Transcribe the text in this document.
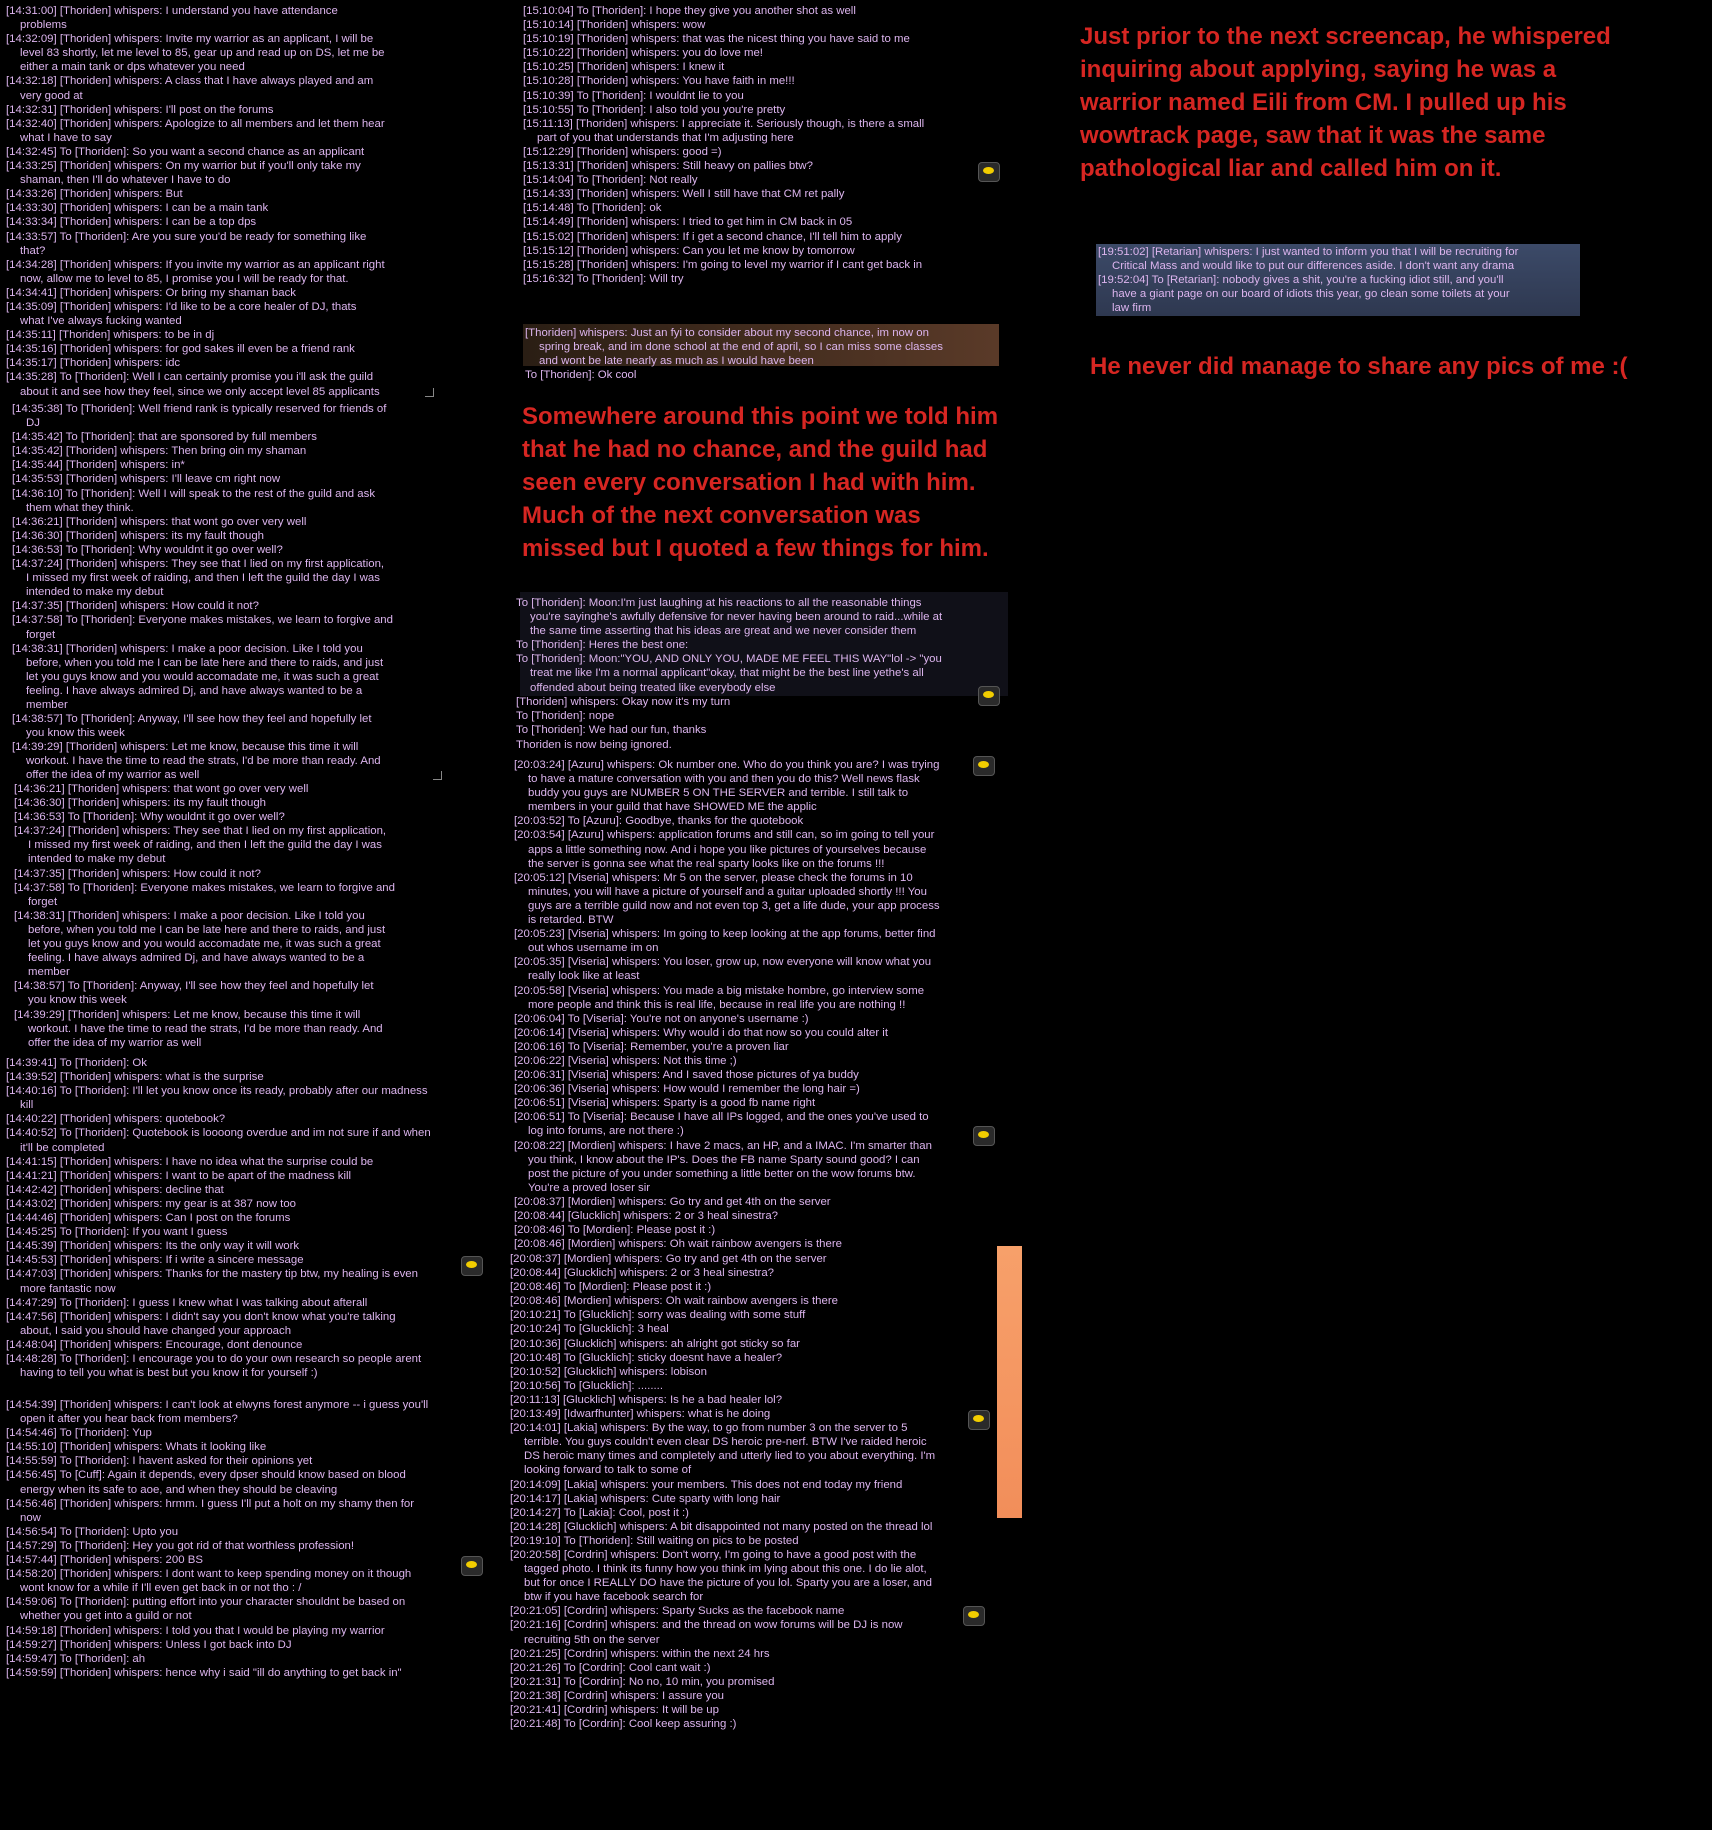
[14:31:00] [Thoriden] whispers: I understand you have attendance
problems
[14:32:09] [Thoriden] whispers: Invite my warrior as an applicant, I will be
level 83 shortly, let me level to 85, gear up and read up on DS, let me be
either a main tank or dps whatever you need
[14:32:18] [Thoriden] whispers: A class that I have always played and am
very good at
[14:32:31] [Thoriden] whispers: I'll post on the forums
[14:32:40] [Thoriden] whispers: Apologize to all members and let them hear
what I have to say
[14:32:45] To [Thoriden]: So you want a second chance as an applicant
[14:33:25] [Thoriden] whispers: On my warrior but if you'll only take my
shaman, then I'll do whatever I have to do
[14:33:26] [Thoriden] whispers: But
[14:33:30] [Thoriden] whispers: I can be a main tank
[14:33:34] [Thoriden] whispers: I can be a top dps
[14:33:57] To [Thoriden]: Are you sure you'd be ready for something like
that?
[14:34:28] [Thoriden] whispers: If you invite my warrior as an applicant right
now, allow me to level to 85, I promise you I will be ready for that.
[14:34:41] [Thoriden] whispers: Or bring my shaman back
[14:35:09] [Thoriden] whispers: I'd like to be a core healer of DJ, thats
what I've always fucking wanted
[14:35:11] [Thoriden] whispers: to be in dj
[14:35:16] [Thoriden] whispers: for god sakes ill even be a friend rank
[14:35:17] [Thoriden] whispers: idc
[14:35:28] To [Thoriden]: Well I can certainly promise you i'll ask the guild
about it and see how they feel, since we only accept level 85 applicants
[14:35:38] To [Thoriden]: Well friend rank is typically reserved for friends of
DJ
[14:35:42] To [Thoriden]: that are sponsored by full members
[14:35:42] [Thoriden] whispers: Then bring oin my shaman
[14:35:44] [Thoriden] whispers: in*
[14:35:53] [Thoriden] whispers: I'll leave cm right now
[14:36:10] To [Thoriden]: Well I will speak to the rest of the guild and ask
them what they think.
[14:36:21] [Thoriden] whispers: that wont go over very well
[14:36:30] [Thoriden] whispers: its my fault though
[14:36:53] To [Thoriden]: Why wouldnt it go over well?
[14:37:24] [Thoriden] whispers: They see that I lied on my first application,
I missed my first week of raiding, and then I left the guild the day I was
intended to make my debut
[14:37:35] [Thoriden] whispers: How could it not?
[14:37:58] To [Thoriden]: Everyone makes mistakes, we learn to forgive and
forget
[14:38:31] [Thoriden] whispers: I make a poor decision. Like I told you
before, when you told me I can be late here and there to raids, and just
let you guys know and you would accomadate me, it was such a great
feeling. I have always admired Dj, and have always wanted to be a
member
[14:38:57] To [Thoriden]: Anyway, I'll see how they feel and hopefully let
you know this week
[14:39:29] [Thoriden] whispers: Let me know, because this time it will
workout. I have the time to read the strats, I'd be more than ready. And
offer the idea of my warrior as well
[14:36:21] [Thoriden] whispers: that wont go over very well
[14:36:30] [Thoriden] whispers: its my fault though
[14:36:53] To [Thoriden]: Why wouldnt it go over well?
[14:37:24] [Thoriden] whispers: They see that I lied on my first application,
I missed my first week of raiding, and then I left the guild the day I was
intended to make my debut
[14:37:35] [Thoriden] whispers: How could it not?
[14:37:58] To [Thoriden]: Everyone makes mistakes, we learn to forgive and
forget
[14:38:31] [Thoriden] whispers: I make a poor decision. Like I told you
before, when you told me I can be late here and there to raids, and just
let you guys know and you would accomadate me, it was such a great
feeling. I have always admired Dj, and have always wanted to be a
member
[14:38:57] To [Thoriden]: Anyway, I'll see how they feel and hopefully let
you know this week
[14:39:29] [Thoriden] whispers: Let me know, because this time it will
workout. I have the time to read the strats, I'd be more than ready. And
offer the idea of my warrior as well
[14:39:41] To [Thoriden]: Ok
[14:39:52] [Thoriden] whispers: what is the surprise
[14:40:16] To [Thoriden]: I'll let you know once its ready, probably after our madness
kill
[14:40:22] [Thoriden] whispers: quotebook?
[14:40:52] To [Thoriden]: Quotebook is loooong overdue and im not sure if and when
it'll be completed
[14:41:15] [Thoriden] whispers: I have no idea what the surprise could be
[14:41:21] [Thoriden] whispers: I want to be apart of the madness kill
[14:42:42] [Thoriden] whispers: decline that
[14:43:02] [Thoriden] whispers: my gear is at 387 now too
[14:44:46] [Thoriden] whispers: Can I post on the forums
[14:45:25] To [Thoriden]: If you want I guess
[14:45:39] [Thoriden] whispers: Its the only way it will work
[14:45:53] [Thoriden] whispers: If i write a sincere message
[14:47:03] [Thoriden] whispers: Thanks for the mastery tip btw, my healing is even
more fantastic now
[14:47:29] To [Thoriden]: I guess I knew what I was talking about afterall
[14:47:56] [Thoriden] whispers: I didn't say you don't know what you're talking
about, I said you should have changed your approach
[14:48:04] [Thoriden] whispers: Encourage, dont denounce
[14:48:28] To [Thoriden]: I encourage you to do your own research so people arent
having to tell you what is best but you know it for yourself :)
[14:54:39] [Thoriden] whispers: I can't look at elwyns forest anymore -- i guess you'll
open it after you hear back from members?
[14:54:46] To [Thoriden]: Yup
[14:55:10] [Thoriden] whispers: Whats it looking like
[14:55:59] To [Thoriden]: I havent asked for their opinions yet
[14:56:45] To [Cuff]: Again it depends, every dpser should know based on blood
energy when its safe to aoe, and when they should be cleaving
[14:56:46] [Thoriden] whispers: hrmm. I guess I'll put a holt on my shamy then for
now
[14:56:54] To [Thoriden]: Upto you
[14:57:29] To [Thoriden]: Hey you got rid of that worthless profession!
[14:57:44] [Thoriden] whispers: 200 BS
[14:58:20] [Thoriden] whispers: I dont want to keep spending money on it though
wont know for a while if I'll even get back in or not tho : /
[14:59:06] To [Thoriden]: putting effort into your character shouldnt be based on
whether you get into a guild or not
[14:59:18] [Thoriden] whispers: I told you that I would be playing my warrior
[14:59:27] [Thoriden] whispers: Unless I got back into DJ
[14:59:47] To [Thoriden]: ah
[14:59:59] [Thoriden] whispers: hence why i said "ill do anything to get back in"
[15:10:04] To [Thoriden]: I hope they give you another shot as well
[15:10:14] [Thoriden] whispers: wow
[15:10:19] [Thoriden] whispers: that was the nicest thing you have said to me
[15:10:22] [Thoriden] whispers: you do love me!
[15:10:25] [Thoriden] whispers: I knew it
[15:10:28] [Thoriden] whispers: You have faith in me!!!
[15:10:39] To [Thoriden]: I wouldnt lie to you
[15:10:55] To [Thoriden]: I also told you you're pretty
[15:11:13] [Thoriden] whispers: I appreciate it. Seriously though, is there a small
part of you that understands that I'm adjusting here
[15:12:29] [Thoriden] whispers: good =)
[15:13:31] [Thoriden] whispers: Still heavy on pallies btw?
[15:14:04] To [Thoriden]: Not really
[15:14:33] [Thoriden] whispers: Well I still have that CM ret pally
[15:14:48] To [Thoriden]: ok
[15:14:49] [Thoriden] whispers: I tried to get him in CM back in 05
[15:15:02] [Thoriden] whispers: If i get a second chance, I'll tell him to apply
[15:15:12] [Thoriden] whispers: Can you let me know by tomorrow
[15:15:28] [Thoriden] whispers: I'm going to level my warrior if I cant get back in
[15:16:32] To [Thoriden]: Will try
[Thoriden] whispers: Just an fyi to consider about my second chance, im now on
spring break, and im done school at the end of april, so I can miss some classes
and wont be late nearly as much as I would have been
To [Thoriden]: Ok cool
Somewhere around this point we told him that he had no chance, and the guild had seen every conversation I had with him. Much of the next conversation was missed but I quoted a few things for him.
To [Thoriden]: Moon:I'm just laughing at his reactions to all the reasonable things
you're sayinghe's awfully defensive for never having been around to raid...while at
the same time asserting that his ideas are great and we never consider them
To [Thoriden]: Heres the best one:
To [Thoriden]: Moon:"YOU, AND ONLY YOU, MADE ME FEEL THIS WAY"lol -> "you
treat me like I'm a normal applicant"okay, that might be the best line yethe's all
offended about being treated like everybody else
[Thoriden] whispers: Okay now it's my turn
To [Thoriden]: nope
To [Thoriden]: We had our fun, thanks
Thoriden is now being ignored.
[20:03:24] [Azuru] whispers: Ok number one. Who do you think you are? I was trying
to have a mature conversation with you and then you do this? Well news flask
buddy you guys are NUMBER 5 ON THE SERVER and terrible. I still talk to
members in your guild that have SHOWED ME the applic
[20:03:52] To [Azuru]: Goodbye, thanks for the quotebook
[20:03:54] [Azuru] whispers: application forums and still can, so im going to tell your
apps a little something now. And i hope you like pictures of yourselves because
the server is gonna see what the real sparty looks like on the forums !!!
[20:05:12] [Viseria] whispers: Mr 5 on the server, please check the forums in 10
minutes, you will have a picture of yourself and a guitar uploaded shortly !!! You
guys are a terrible guild now and not even top 3, get a life dude, your app process
is retarded. BTW
[20:05:23] [Viseria] whispers: Im going to keep looking at the app forums, better find
out whos username im on
[20:05:35] [Viseria] whispers: You loser, grow up, now everyone will know what you
really look like at least
[20:05:58] [Viseria] whispers: You made a big mistake hombre, go interview some
more people and think this is real life, because in real life you are nothing !!
[20:06:04] To [Viseria]: You're not on anyone's username :)
[20:06:14] [Viseria] whispers: Why would i do that now so you could alter it
[20:06:16] To [Viseria]: Remember, you're a proven liar
[20:06:22] [Viseria] whispers: Not this time ;)
[20:06:31] [Viseria] whispers: And I saved those pictures of ya buddy
[20:06:36] [Viseria] whispers: How would I remember the long hair =)
[20:06:51] [Viseria] whispers: Sparty is a good fb name right
[20:06:51] To [Viseria]: Because I have all IPs logged, and the ones you've used to
log into forums, are not there :)
[20:08:22] [Mordien] whispers: I have 2 macs, an HP, and a IMAC. I'm smarter than
you think, I know about the IP's. Does the FB name Sparty sound good? I can
post the picture of you under something a little better on the wow forums btw.
You're a proved loser sir
[20:08:37] [Mordien] whispers: Go try and get 4th on the server
[20:08:44] [Glucklich] whispers: 2 or 3 heal sinestra?
[20:08:46] To [Mordien]: Please post it :)
[20:08:46] [Mordien] whispers: Oh wait rainbow avengers is there
[20:08:37] [Mordien] whispers: Go try and get 4th on the server
[20:08:44] [Glucklich] whispers: 2 or 3 heal sinestra?
[20:08:46] To [Mordien]: Please post it :)
[20:08:46] [Mordien] whispers: Oh wait rainbow avengers is there
[20:10:21] To [Glucklich]: sorry was dealing with some stuff
[20:10:24] To [Glucklich]: 3 heal
[20:10:36] [Glucklich] whispers: ah alright got sticky so far
[20:10:48] To [Glucklich]: sticky doesnt have a healer?
[20:10:52] [Glucklich] whispers: lobison
[20:10:56] To [Glucklich]: ........
[20:11:13] [Glucklich] whispers: Is he a bad healer lol?
[20:13:49] [Idwarfhunter] whispers: what is he doing
[20:14:01] [Lakia] whispers: By the way, to go from number 3 on the server to 5
terrible. You guys couldn't even clear DS heroic pre-nerf. BTW I've raided heroic
DS heroic many times and completely and utterly lied to you about everything. I'm
looking forward to talk to some of
[20:14:09] [Lakia] whispers: your members. This does not end today my friend
[20:14:17] [Lakia] whispers: Cute sparty with long hair
[20:14:27] To [Lakia]: Cool, post it :)
[20:14:28] [Glucklich] whispers: A bit disappointed not many posted on the thread lol
[20:19:10] To [Thoriden]: Still waiting on pics to be posted
[20:20:58] [Cordrin] whispers: Don't worry, I'm going to have a good post with the
tagged photo. I think its funny how you think im lying about this one. I do lie alot,
but for once I REALLY DO have the picture of you lol. Sparty you are a loser, and
btw if you have facebook search for
[20:21:05] [Cordrin] whispers: Sparty Sucks as the facebook name
[20:21:16] [Cordrin] whispers: and the thread on wow forums will be DJ is now
recruiting 5th on the server
[20:21:25] [Cordrin] whispers: within the next 24 hrs
[20:21:26] To [Cordrin]: Cool cant wait :)
[20:21:31] To [Cordrin]: No no, 10 min, you promised
[20:21:38] [Cordrin] whispers: I assure you
[20:21:41] [Cordrin] whispers: It will be up
[20:21:48] To [Cordrin]: Cool keep assuring :)
Just prior to the next screencap, he whispered inquiring about applying, saying he was a warrior named Eili from CM. I pulled up his wowtrack page, saw that it was the same pathological liar and called him on it.
[19:51:02] [Retarian] whispers: I just wanted to inform you that I will be recruiting for
Critical Mass and would like to put our differences aside. I don't want any drama
[19:52:04] To [Retarian]: nobody gives a shit, you're a fucking idiot still, and you'll
have a giant page on our board of idiots this year, go clean some toilets at your
law firm
He never did manage to share any pics of me :(
